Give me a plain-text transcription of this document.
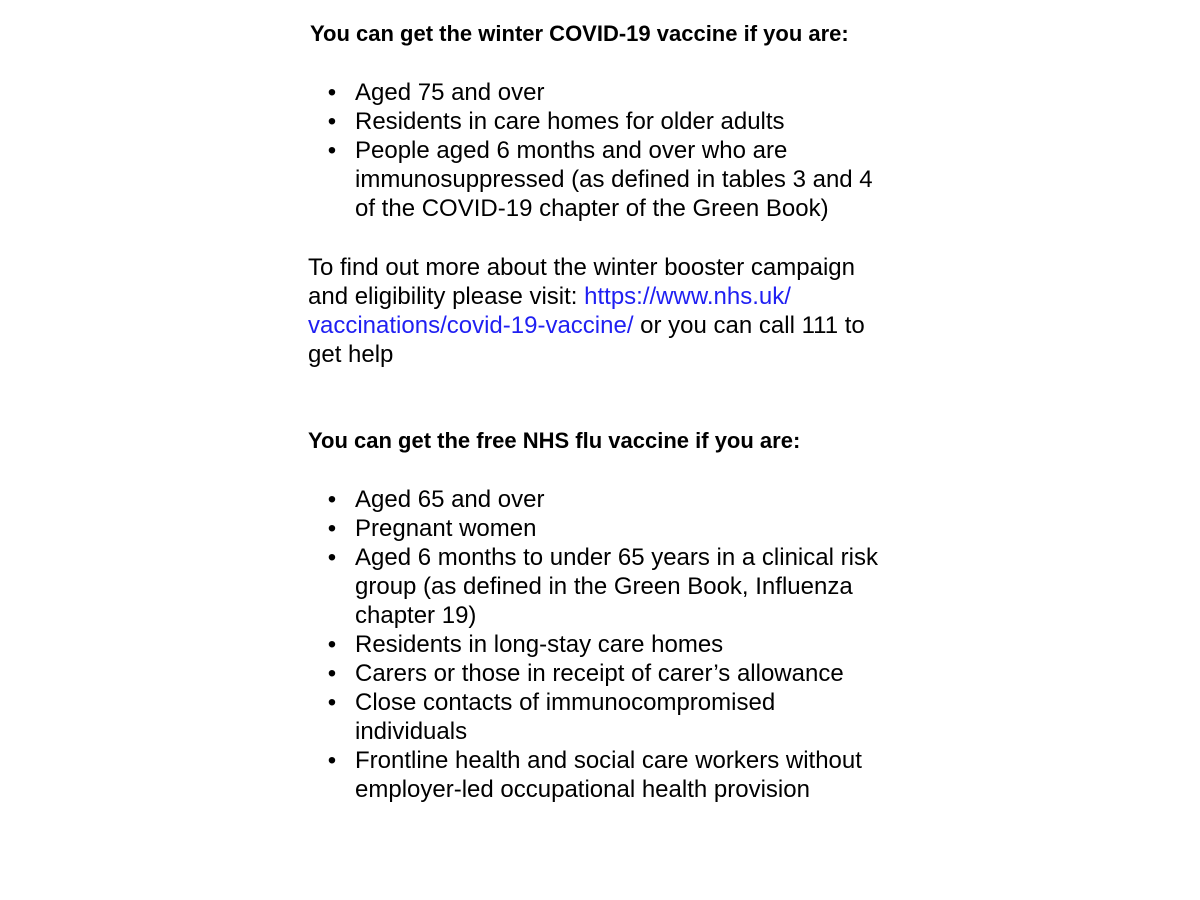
You can get the winter COVID-19 vaccine if you are:

• Aged 75 and over
• Residents in care homes for older adults
• People aged 6 months and over who are
immunosuppressed (as defined in tables 3 and 4
of the COVID-19 chapter of the Green Book)

To find out more about the winter booster campaign
and eligibility please visit: https://www.nhs.uk/
vaccinations/covid-19-vaccine/ or you can call 111 to
get help

You can get the free NHS flu vaccine if you are:

• Aged 65 and over
• Pregnant women
• Aged 6 months to under 65 years in a clinical risk
group (as defined in the Green Book, Influenza
chapter 19)
• Residents in long-stay care homes
• Carers or those in receipt of carer’s allowance
• Close contacts of immunocompromised
individuals
• Frontline health and social care workers without
employer-led occupational health provision
